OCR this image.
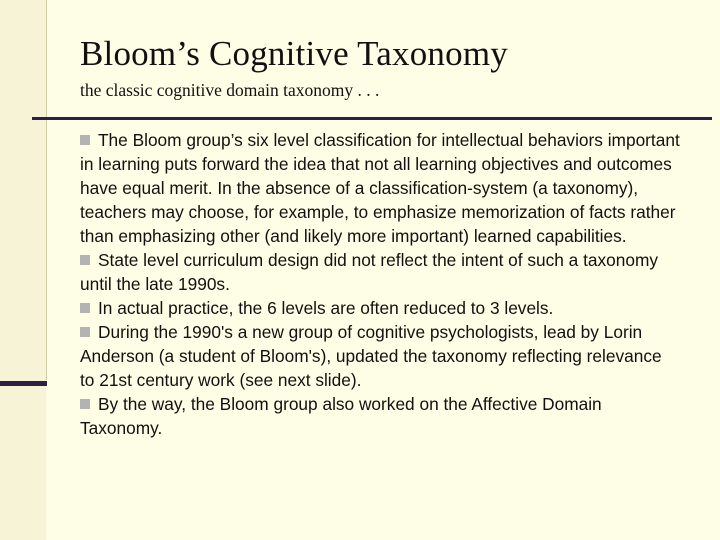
Bloom’s Cognitive Taxonomy
the classic cognitive domain taxonomy . . .

The Bloom group’s six level classification for intellectual behaviors important in learning puts forward the idea that not all learning objectives and outcomes have equal merit. In the absence of a classification-system (a taxonomy), teachers may choose, for example, to emphasize memorization of facts rather than emphasizing other (and likely more important) learned capabilities.

State level curriculum design did not reflect the intent of such a taxonomy until the late 1990s.

In actual practice, the 6 levels are often reduced to 3 levels.

During the 1990's a new group of cognitive psychologists, lead by Lorin Anderson (a student of Bloom's), updated the taxonomy reflecting relevance to 21st century work (see next slide).

By the way, the Bloom group also worked on the Affective Domain Taxonomy.
